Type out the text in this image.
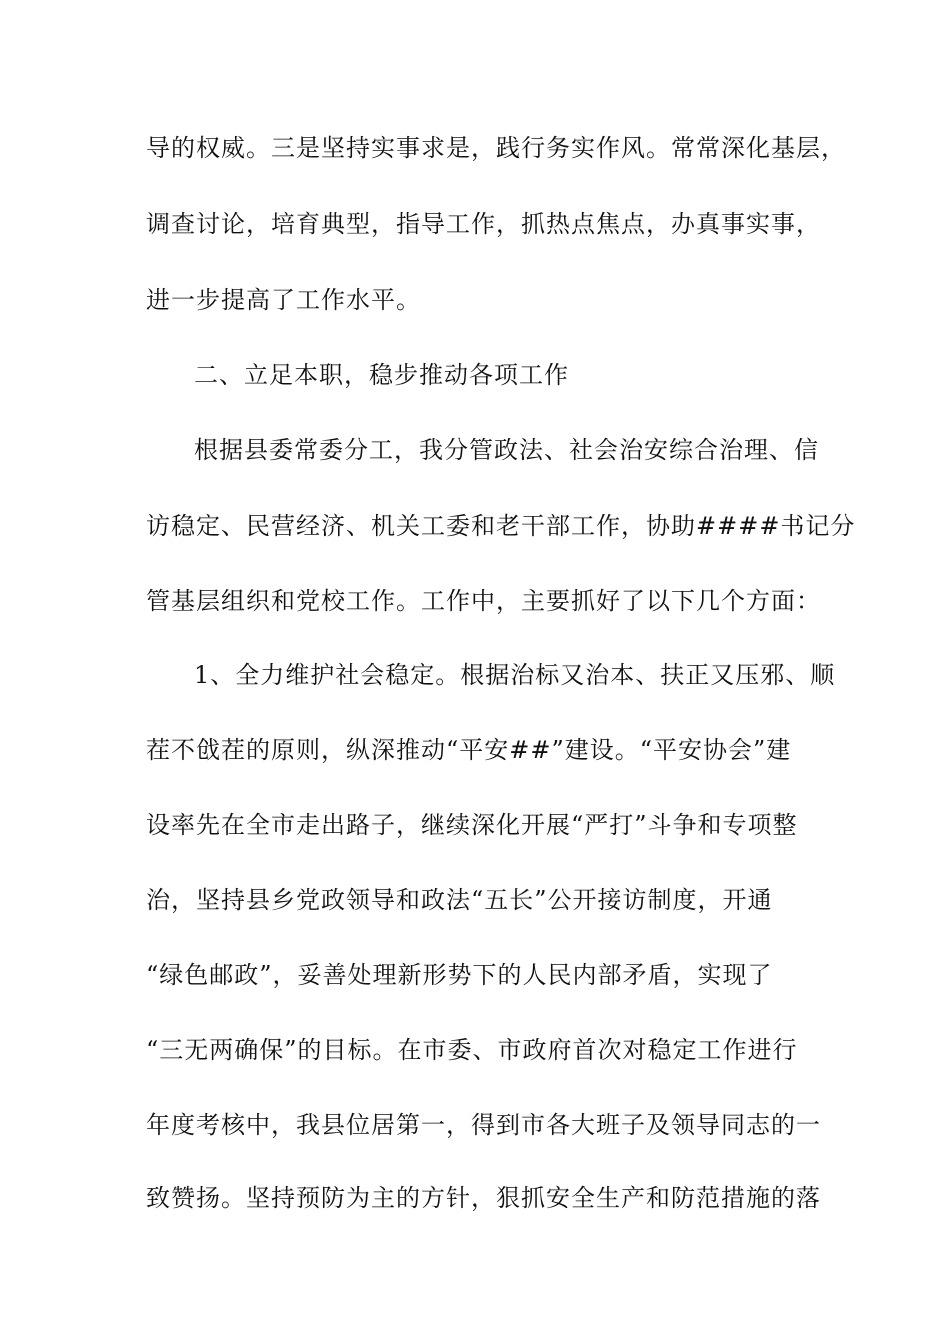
导的权威。三是坚持实事求是，践行务实作风。常常深化基层，
调查讨论，培育典型，指导工作，抓热点焦点，办真事实事，
进一步提高了工作水平。
二、立足本职，稳步推动各项工作
根据县委常委分工，我分管政法、社会治安综合治理、信
访稳定、民营经济、机关工委和老干部工作，协助####书记分
管基层组织和党校工作。工作中，主要抓好了以下几个方面：
1、全力维护社会稳定。根据治标又治本、扶正又压邪、顺
茬不戗茬的原则，纵深推动“平安##”建设。“平安协会”建
设率先在全市走出路子，继续深化开展“严打”斗争和专项整
治，坚持县乡党政领导和政法“五长”公开接访制度，开通
“绿色邮政”，妥善处理新形势下的人民内部矛盾，实现了
“三无两确保”的目标。在市委、市政府首次对稳定工作进行
年度考核中，我县位居第一，得到市各大班子及领导同志的一
致赞扬。坚持预防为主的方针，狠抓安全生产和防范措施的落
